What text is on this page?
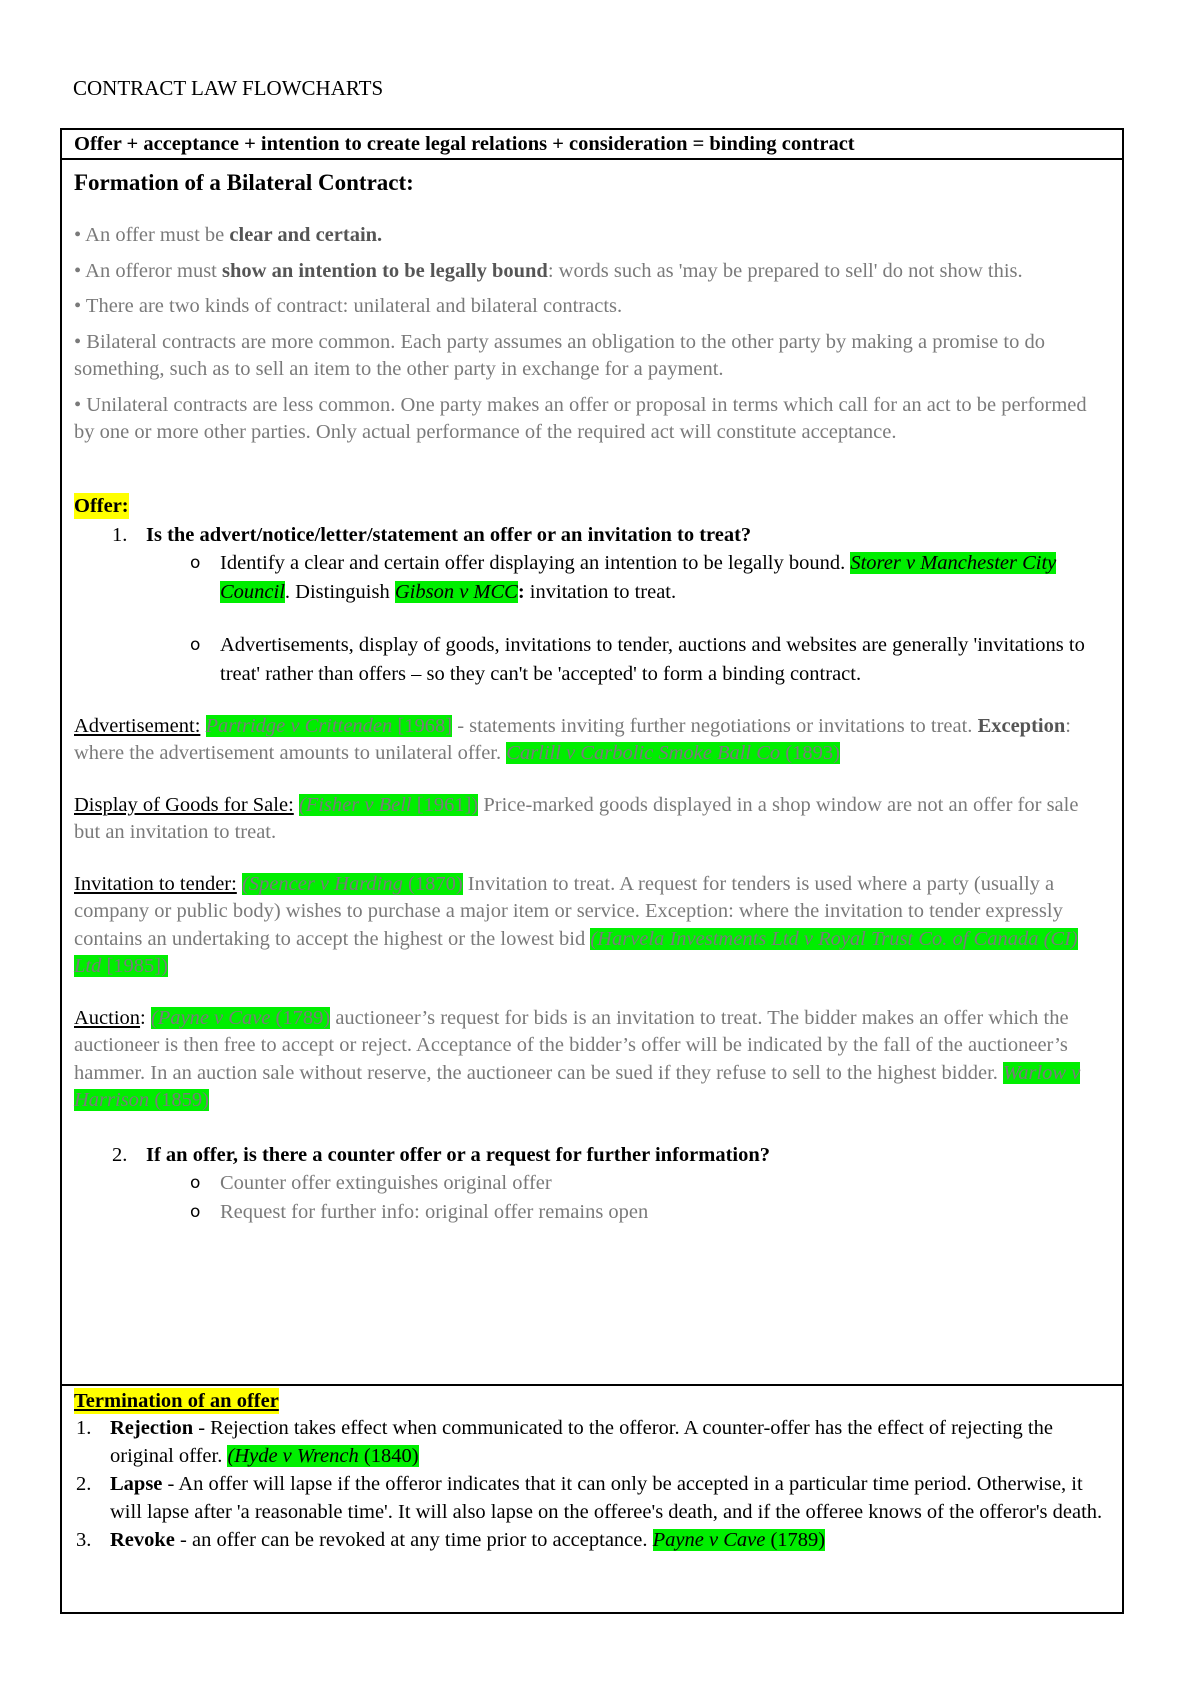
CONTRACT LAW FLOWCHARTS
Offer + acceptance + intention to create legal relations + consideration = binding contract
Formation of a Bilateral Contract:

• An offer must be clear and certain.

• An offeror must show an intention to be legally bound: words such as 'may be prepared to sell' do not show this.

• There are two kinds of contract: unilateral and bilateral contracts.

• Bilateral contracts are more common. Each party assumes an obligation to the other party by making a promise to do something, such as to sell an item to the other party in exchange for a payment.

• Unilateral contracts are less common. One party makes an offer or proposal in terms which call for an act to be performed by one or more other parties. Only actual performance of the required act will constitute acceptance.

Offer:
1. Is the advert/notice/letter/statement an offer or an invitation to treat?
o Identify a clear and certain offer displaying an intention to be legally bound. Storer v Manchester City Council. Distinguish Gibson v MCC: invitation to treat.
o Advertisements, display of goods, invitations to tender, auctions and websites are generally 'invitations to treat' rather than offers – so they can't be 'accepted' to form a binding contract.

Advertisement: Partridge v Crittenden [1968] - statements inviting further negotiations or invitations to treat. Exception: where the advertisement amounts to unilateral offer. Carlill v Carbolic Smoke Ball Co (1893)

Display of Goods for Sale: (Fisher v Bell [1961]) Price-marked goods displayed in a shop window are not an offer for sale but an invitation to treat.

Invitation to tender: (Spencer v Harding (1870) Invitation to treat. A request for tenders is used where a party (usually a company or public body) wishes to purchase a major item or service. Exception: where the invitation to tender expressly contains an undertaking to accept the highest or the lowest bid (Harvela Investments Ltd v Royal Trust Co. of Canada (CI) Ltd [1985])

Auction: (Payne v Cave (1789) auctioneer’s request for bids is an invitation to treat. The bidder makes an offer which the auctioneer is then free to accept or reject. Acceptance of the bidder’s offer will be indicated by the fall of the auctioneer’s hammer. In an auction sale without reserve, the auctioneer can be sued if they refuse to sell to the highest bidder. Warlow v Harrison (1859)

2. If an offer, is there a counter offer or a request for further information?
o Counter offer extinguishes original offer
o Request for further info: original offer remains open
Termination of an offer
1. Rejection - Rejection takes effect when communicated to the offeror. A counter-offer has the effect of rejecting the original offer. (Hyde v Wrench (1840)
2. Lapse - An offer will lapse if the offeror indicates that it can only be accepted in a particular time period. Otherwise, it will lapse after 'a reasonable time'. It will also lapse on the offeree's death, and if the offeree knows of the offeror's death.
3. Revoke - an offer can be revoked at any time prior to acceptance. Payne v Cave (1789)
